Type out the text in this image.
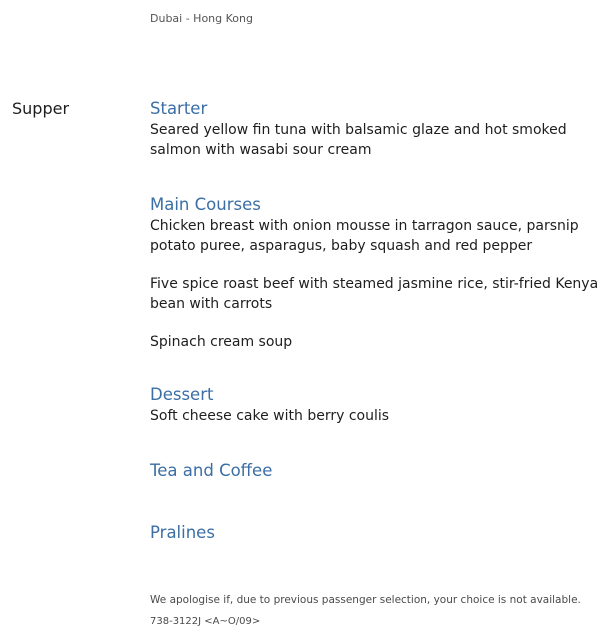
Dubai - Hong Kong
Supper	Starter
Seared yellow fin tuna with balsamic glaze and hot smoked
salmon with wasabi sour cream
Main Courses
Chicken breast with onion mousse in tarragon sauce, parsnip
potato puree, asparagus, baby squash and red pepper
Five spice roast beef with steamed jasmine rice, stir-fried Kenya
bean with carrots
Spinach cream soup
Dessert
Soft cheese cake with berry coulis
Tea and Coffee
Pralines
We apologise if, due to previous passenger selection, your choice is not available.
738-3122J <A~O/09>
